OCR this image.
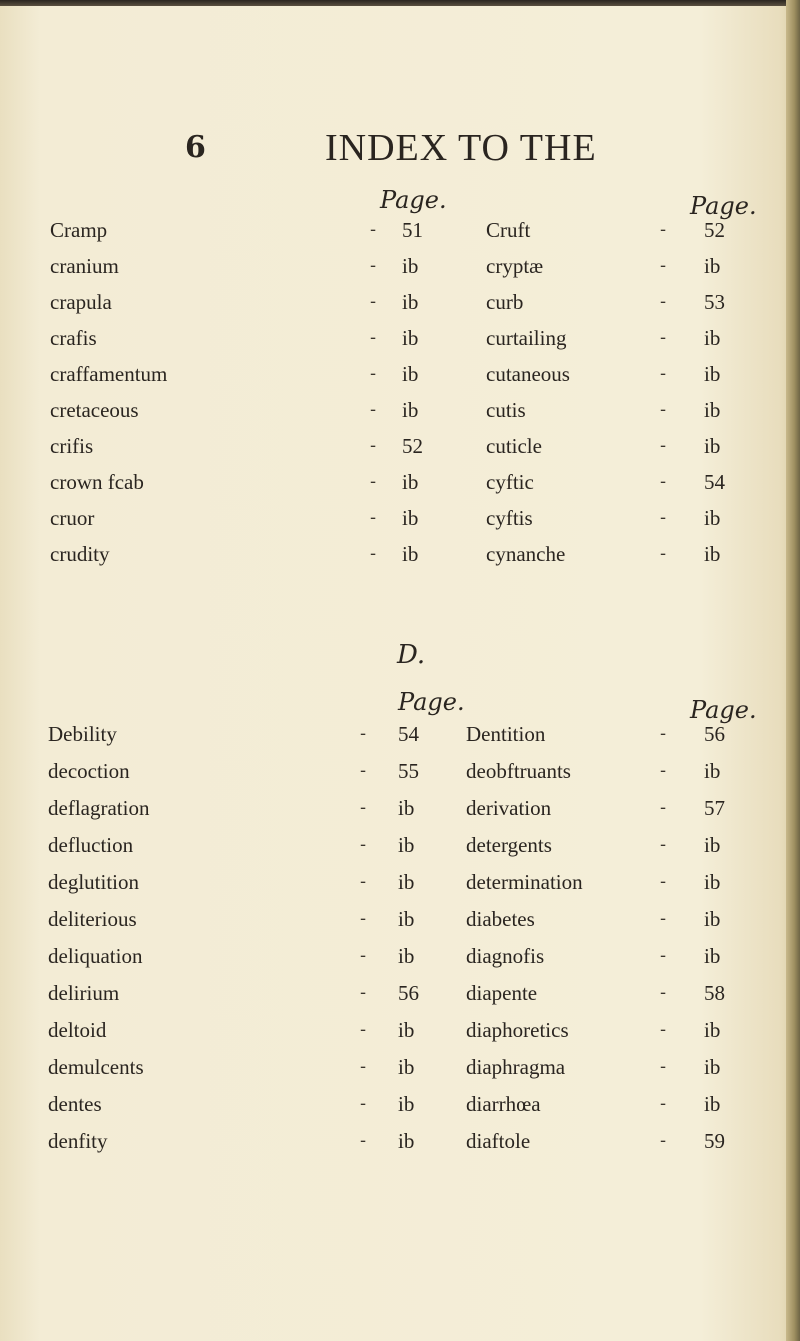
6	INDEX TO THE
Page.	Page.
Cramp	- 51
cranium	- ib
crapula	- ib
crafis	- ib
craffamentum	- ib
cretaceous	- ib
crifis	- 52
crown fcab	- ib
cruor	- ib
crudity	- ib
Cruft	- 52
cryptæ	- ib
curb	- 53
curtailing	- ib
cutaneous	- ib
cutis	- ib
cuticle	- ib
cyftic	- 54
cyftis	- ib
cynanche	- ib
D.
Page.	Page.
Debility	- 54
decoction	- 55
deflagration	- ib
defluction	- ib
deglutition	- ib
deliterious	- ib
deliquation	- ib
delirium	- 56
deltoid	- ib
demulcents	- ib
dentes	- ib
denfity	- ib
Dentition	- 56
deobftruants	- ib
derivation	- 57
detergents	- ib
determination	- ib
diabetes	- ib
diagnofis	- ib
diapente	- 58
diaphoretics	- ib
diaphragma	- ib
diarrhœa	- ib
diaftole	- 59
